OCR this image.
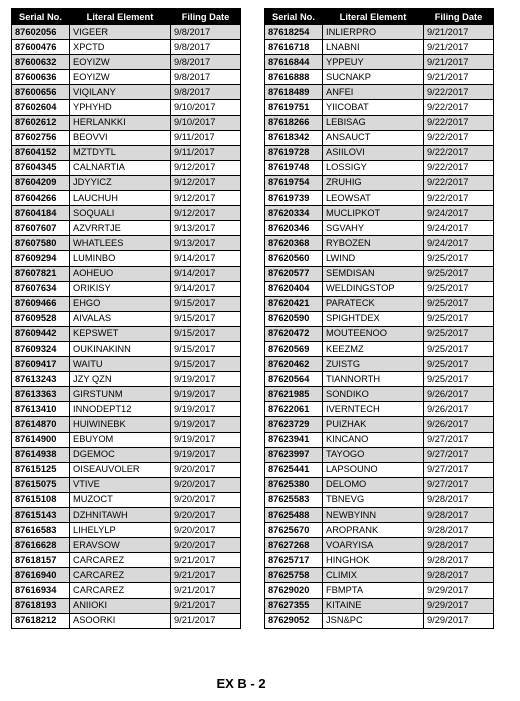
Serial No.	Literal Element	Filing Date
87602056	VIGEER	9/8/2017
87600476	XPCTD	9/8/2017
87600632	EOYIZW	9/8/2017
87600636	EOYIZW	9/8/2017
87600656	VIQILANY	9/8/2017
87602604	YPHYHD	9/10/2017
87602612	HERLANKKI	9/10/2017
87602756	BEOVVI	9/11/2017
87604152	MZTDYTL	9/11/2017
87604345	CALNARTIA	9/12/2017
87604209	JDYYICZ	9/12/2017
87604266	LAUCHUH	9/12/2017
87604184	SOQUALI	9/12/2017
87607607	AZVRRTJE	9/13/2017
87607580	WHATLEES	9/13/2017
87609294	LUMINBO	9/14/2017
87607821	AOHEUO	9/14/2017
87607634	ORIKISY	9/14/2017
87609466	EHGO	9/15/2017
87609528	AIVALAS	9/15/2017
87609442	KEPSWET	9/15/2017
87609324	OUKINAKINN	9/15/2017
87609417	WAITU	9/15/2017
87613243	JZY QZN	9/19/2017
87613363	GIRSTUNM	9/19/2017
87613410	INNODEPT12	9/19/2017
87614870	HUIWINEBK	9/19/2017
87614900	EBUYOM	9/19/2017
87614938	DGEMOC	9/19/2017
87615125	OISEAUVOLER	9/20/2017
87615075	VTIVE	9/20/2017
87615108	MUZOCT	9/20/2017
87615143	DZHNITAWH	9/20/2017
87616583	LIHELYLP	9/20/2017
87616628	ERAVSOW	9/20/2017
87618157	CARCAREZ	9/21/2017
87616940	CARCAREZ	9/21/2017
87616934	CARCAREZ	9/21/2017
87618193	ANIIOKI	9/21/2017
87618212	ASOORKI	9/21/2017
Serial No.	Literal Element	Filing Date
87618254	INLIERPRO	9/21/2017
87616718	LNABNI	9/21/2017
87616844	YPPEUY	9/21/2017
87616888	SUCNAKP	9/21/2017
87618489	ANFEI	9/22/2017
87619751	YIICOBAT	9/22/2017
87618266	LEBISAG	9/22/2017
87618342	ANSAUCT	9/22/2017
87619728	ASIILOVI	9/22/2017
87619748	LOSSIGY	9/22/2017
87619754	ZRUHIG	9/22/2017
87619739	LEOWSAT	9/22/2017
87620334	MUCLIPKOT	9/24/2017
87620346	SGVAHY	9/24/2017
87620368	RYBOZEN	9/24/2017
87620560	LWIND	9/25/2017
87620577	SEMDISAN	9/25/2017
87620404	WELDINGSTOP	9/25/2017
87620421	PARATECK	9/25/2017
87620590	SPIGHTDEX	9/25/2017
87620472	MOUTEENOO	9/25/2017
87620569	KEEZMZ	9/25/2017
87620462	ZUISTG	9/25/2017
87620564	TIANNORTH	9/25/2017
87621985	SONDIKO	9/26/2017
87622061	IVERNTECH	9/26/2017
87623729	PUIZHAK	9/26/2017
87623941	KINCANO	9/27/2017
87623997	TAYOGO	9/27/2017
87625441	LAPSOUNO	9/27/2017
87625380	DELOMO	9/27/2017
87625583	TBNEVG	9/28/2017
87625488	NEWBYINN	9/28/2017
87625670	AROPRANK	9/28/2017
87627268	VOARYISA	9/28/2017
87625717	HINGHOK	9/28/2017
87625758	CLIMIX	9/28/2017
87629020	FBMPTA	9/29/2017
87627355	KITAINE	9/29/2017
87629052	JSN&PC	9/29/2017
EX B - 2
